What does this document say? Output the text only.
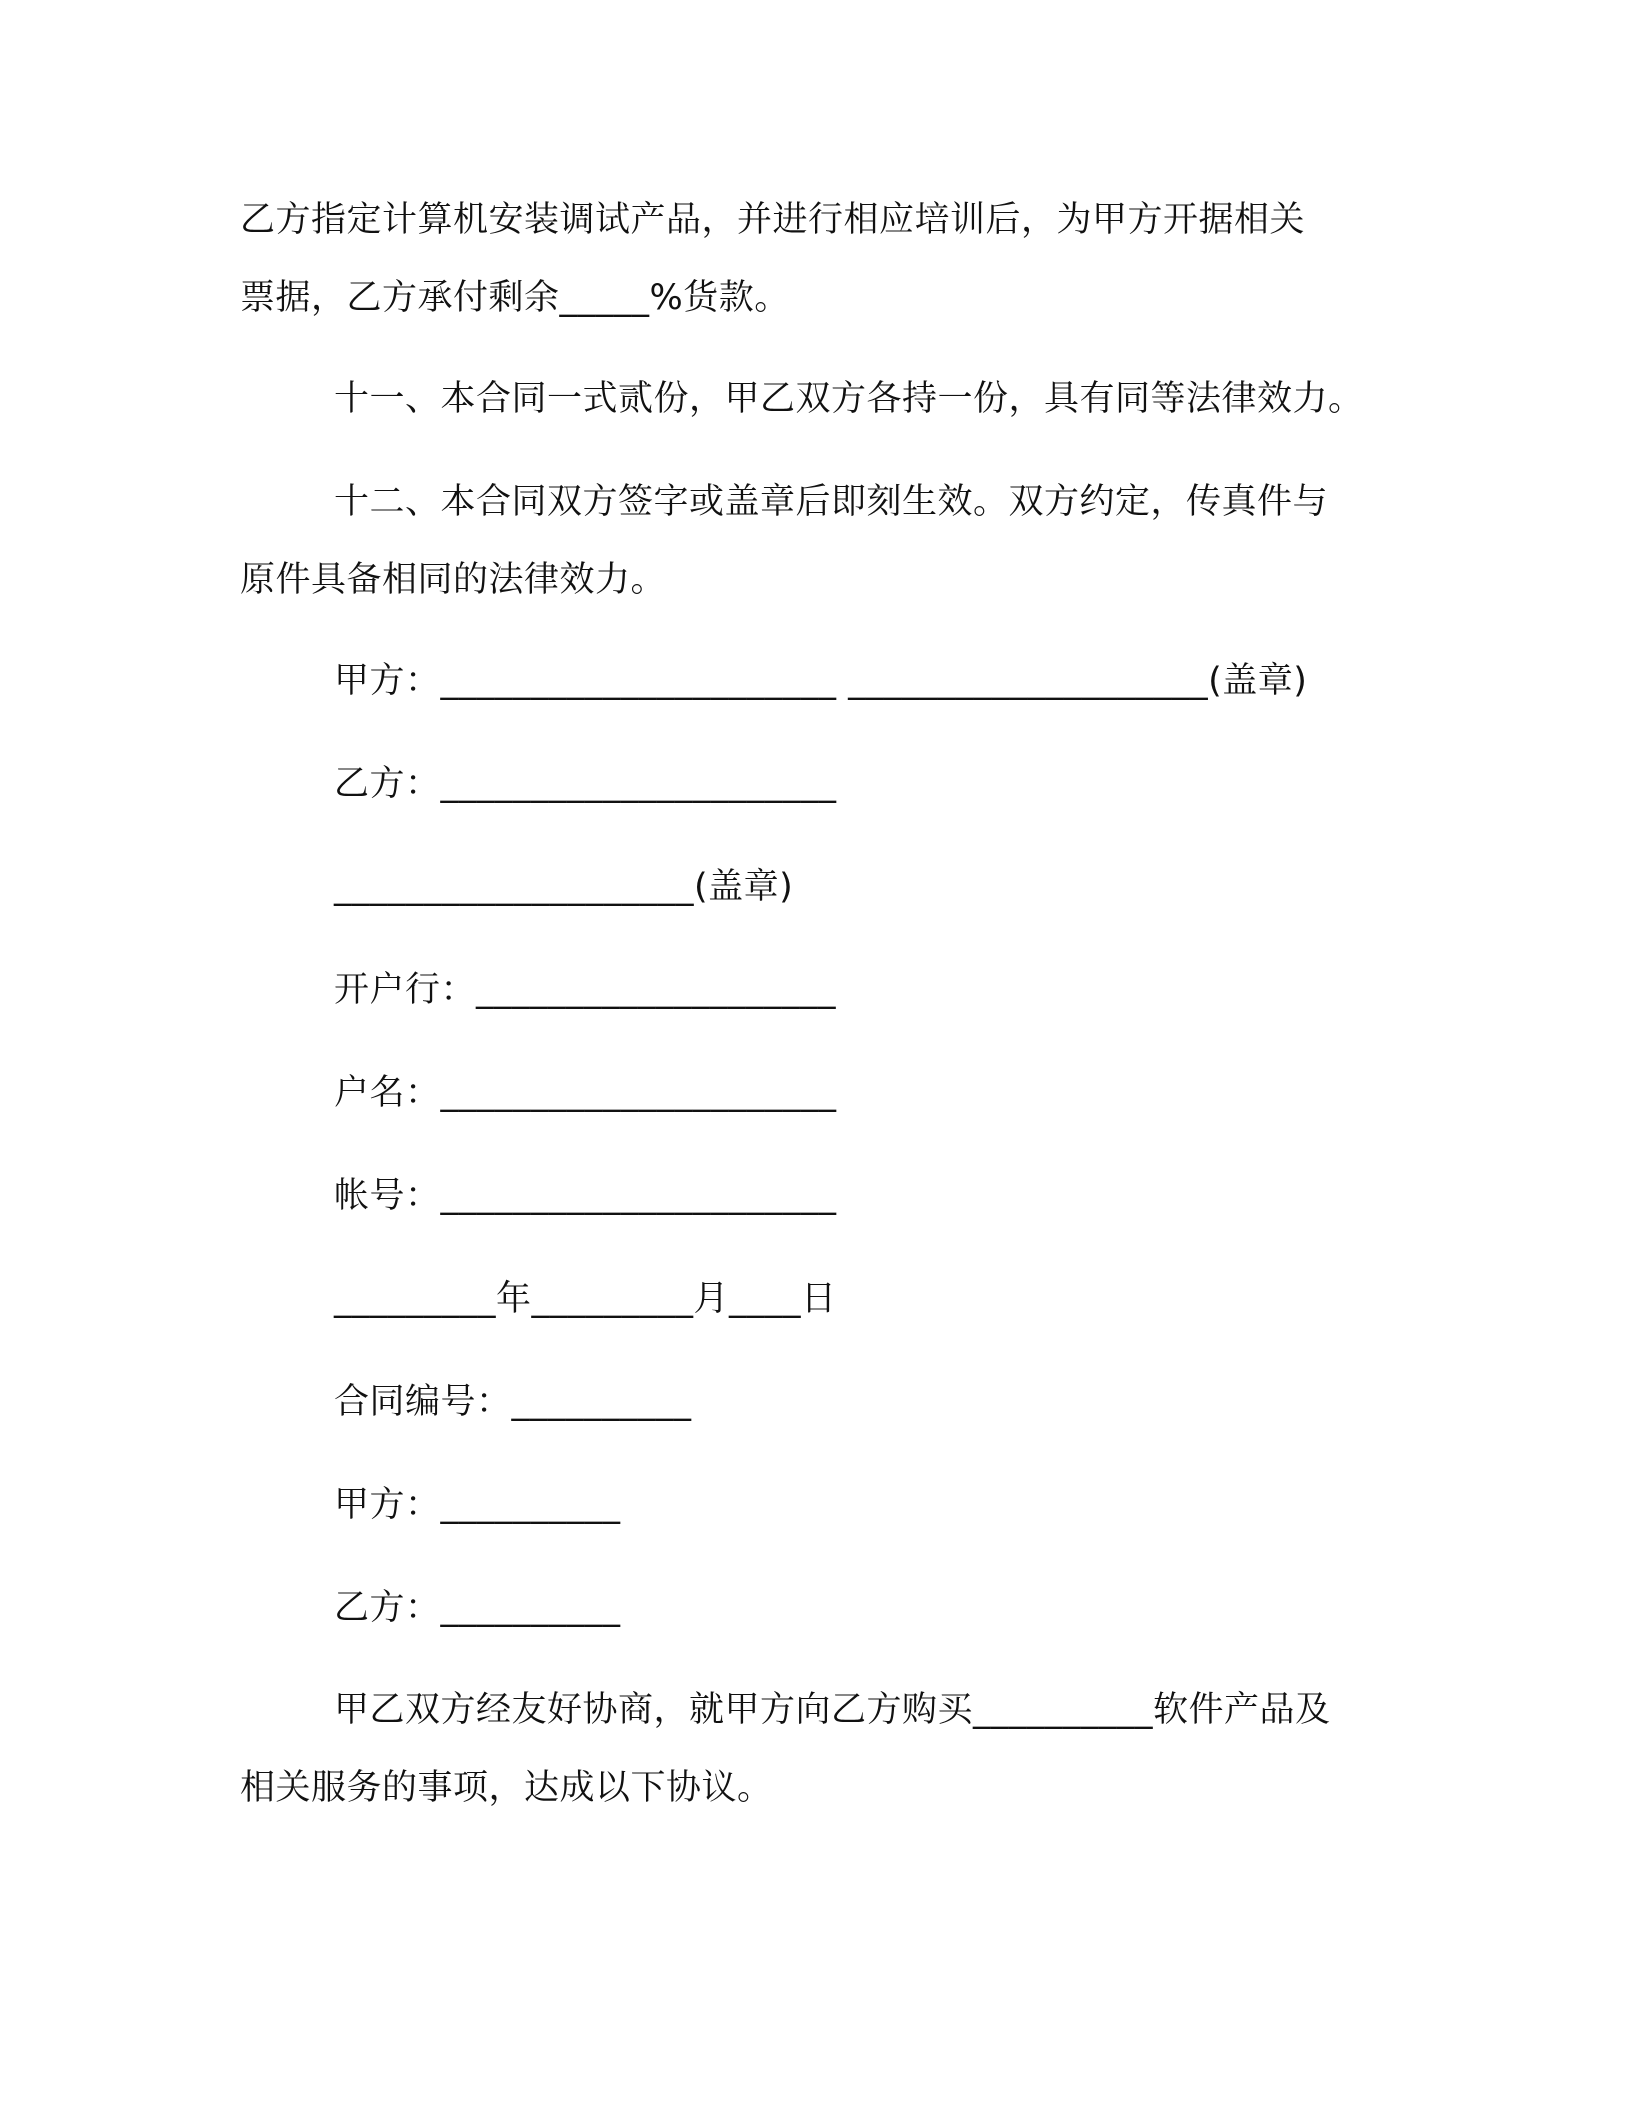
乙方指定计算机安装调试产品，并进行相应培训后，为甲方开据相关
票据，乙方承付剩余_____%货款。
十一、本合同一式贰份，甲乙双方各持一份，具有同等法律效力。
十二、本合同双方签字或盖章后即刻生效。双方约定，传真件与
原件具备相同的法律效力。
甲方：______________________ ____________________(盖章)
乙方：______________________
____________________(盖章)
开户行：____________________
户名：______________________
帐号：______________________
_________年_________月____日
合同编号：__________
甲方：__________
乙方：__________
甲乙双方经友好协商，就甲方向乙方购买__________软件产品及
相关服务的事项，达成以下协议。
